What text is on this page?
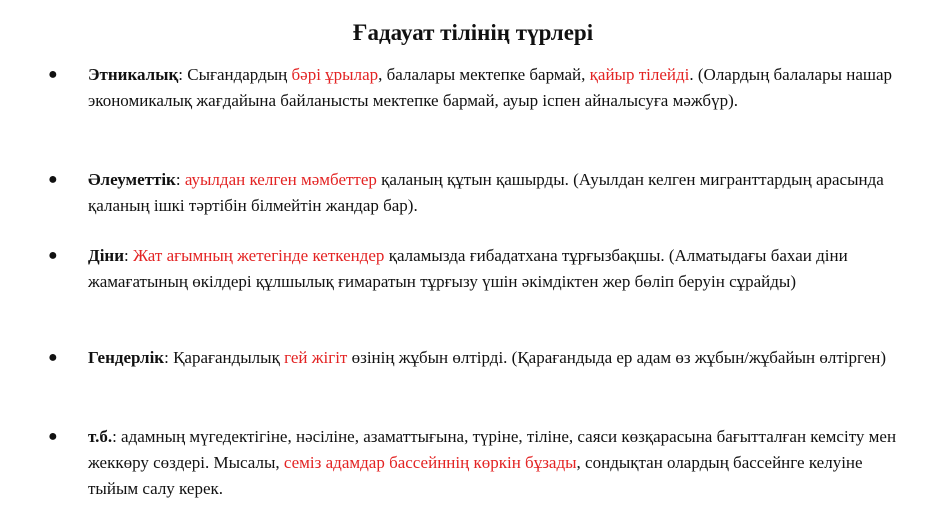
Ғадауат тілінің түрлері
●	Этникалық: Сығандардың бәрі ұрылар, балалары мектепке бармай, қайыр тілейді. (Олардың балалары нашар экономикалық жағдайына байланысты мектепке бармай, ауыр іспен айналысуға мәжбүр).
●	Әлеуметтік: ауылдан келген мәмбеттер қаланың құтын қашырды. (Ауылдан келген мигранттардың арасында қаланың ішкі тәртібін білмейтін жандар бар).
●	Діни: Жат ағымның жетегінде кеткендер қаламызда ғибадатхана тұрғызбақшы. (Алматыдағы бахаи діни жамағатының өкілдері құлшылық ғимаратын тұрғызу үшін әкімдіктен жер бөліп беруін сұрайды)
●	Гендерлік: Қарағандылық гей жігіт өзінің жұбын өлтірді. (Қарағандыда ер адам өз жұбын/жұбайын өлтірген)
●	т.б.: адамның мүгедектігіне, нәсіліне, азаматтығына, түріне, тіліне, саяси көзқарасына бағытталған кемсіту мен жеккөру сөздері. Мысалы, семіз адамдар бассейннің көркін бұзады, сондықтан олардың бассейнге келуіне тыйым салу керек.
